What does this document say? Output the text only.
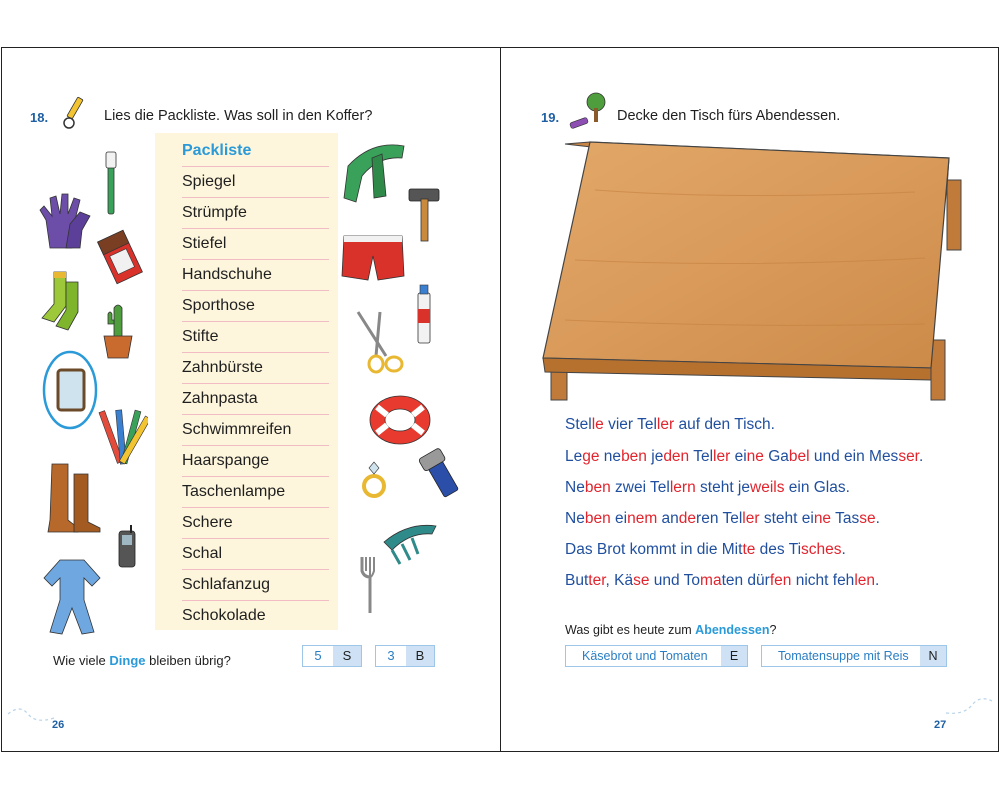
18.	Lies die Packliste. Was soll in den Koffer?
Packliste
Spiegel
Strümpfe
Stiefel
Handschuhe
Sporthose
Stifte
Zahnbürste
Zahnpasta
Schwimmreifen
Haarspange
Taschenlampe
Schere
Schal
Schlafanzug
Schokolade
Wie viele Dinge bleiben übrig?	5	S	3	B
26
19.	Decke den Tisch fürs Abendessen.
Stelle vier Teller auf den Tisch.
Lege neben jeden Teller eine Gabel und ein Messer.
Neben zwei Tellern steht jeweils ein Glas.
Neben einem anderen Teller steht eine Tasse.
Das Brot kommt in die Mitte des Tisches.
Butter, Käse und Tomaten dürfen nicht fehlen.
Was gibt es heute zum Abendessen?
Käsebrot und Tomaten	E	Tomatensuppe mit Reis	N
27
